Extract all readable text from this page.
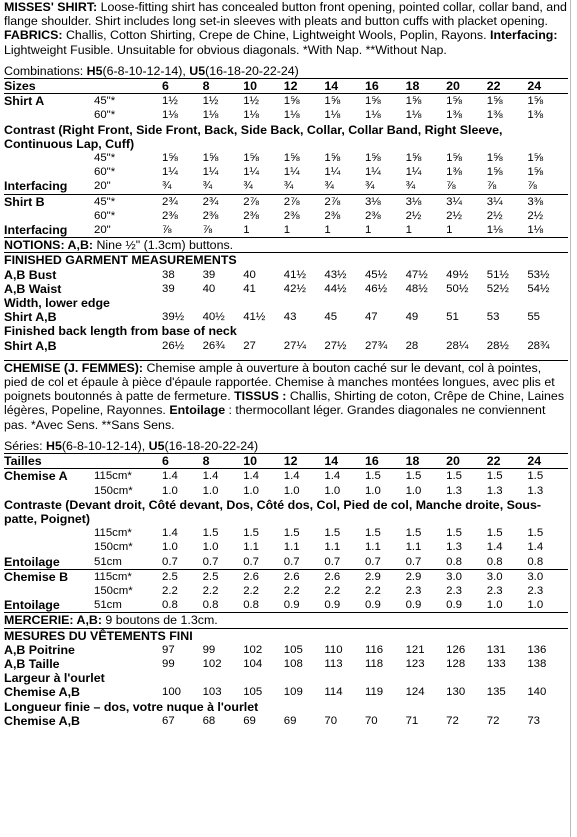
MISSES' SHIRT: Loose-fitting shirt has concealed button front opening, pointed collar, collar band, and flange shoulder. Shirt includes long set-in sleeves with pleats and button cuffs with placket opening. FABRICS: Challis, Cotton Shirting, Crepe de Chine, Lightweight Wools, Poplin, Rayons. Interfacing: Lightweight Fusible. Unsuitable for obvious diagonals. *With Nap. **Without Nap.

Combinations: H5(6-8-10-12-14), U5(16-18-20-22-24)

Sizes		6	8	10	12	14	16	18	20	22	24
Shirt A	45"*	1½	1½	1½	1⅝	1⅝	1⅝	1⅝	1⅝	1⅝	1⅝
	60"*	1⅛	1⅛	1⅛	1⅛	1⅛	1⅛	1⅛	1⅜	1⅜	1⅜
Contrast (Right Front, Side Front, Back, Side Back, Collar, Collar Band, Right Sleeve, Continuous Lap, Cuff)											
	45"*	1⅝	1⅝	1⅝	1⅝	1⅝	1⅝	1⅝	1⅝	1⅝	1⅝
	60"*	1¼	1¼	1¼	1¼	1¼	1¼	1¼	1⅜	1⅝	1⅝
Interfacing	20"	¾	¾	¾	¾	¾	¾	¾	⅞	⅞	⅞
Shirt B	45"*	2¾	2¾	2⅞	2⅞	2⅞	3⅛	3⅛	3¼	3¼	3⅜
	60"*	2⅜	2⅜	2⅜	2⅜	2⅜	2⅜	2½	2½	2½	2½
Interfacing	20"	⅞	⅞	1	1	1	1	1	1	1⅛	1⅛
NOTIONS: A,B: Nine ½" (1.3cm) buttons.											
FINISHED GARMENT MEASUREMENTS											
A,B Bust		38	39	40	41½	43½	45½	47½	49½	51½	53½
A,B Waist		39	40	41	42½	44½	46½	48½	50½	52½	54½
Width, lower edge											
Shirt A,B		39½	40½	41½	43	45	47	49	51	53	55
Finished back length from base of neck											
Shirt A,B		26½	26¾	27	27¼	27½	27¾	28	28¼	28½	28¾

CHEMISE (J. FEMMES): Chemise ample à ouverture à bouton caché sur le devant, col à pointes, pied de col et épaule à pièce d'épaule rapportée. Chemise à manches montées longues, avec plis et poignets boutonnés à patte de fermeture. TISSUS : Challis, Shirting de coton, Crêpe de Chine, Laines légères, Popeline, Rayonnes. Entoilage : thermocollant léger. Grandes diagonales ne conviennent pas. *Avec Sens. **Sans Sens.

Séries: H5(6-8-10-12-14), U5(16-18-20-22-24)

Tailles		6	8	10	12	14	16	18	20	22	24
Chemise A	115cm*	1.4	1.4	1.4	1.4	1.4	1.5	1.5	1.5	1.5	1.5
	150cm*	1.0	1.0	1.0	1.0	1.0	1.0	1.0	1.3	1.3	1.3
Contraste (Devant droit, Côté devant, Dos, Côté dos, Col, Pied de col, Manche droite, Sous-patte, Poignet)											
	115cm*	1.4	1.5	1.5	1.5	1.5	1.5	1.5	1.5	1.5	1.5
	150cm*	1.0	1.0	1.1	1.1	1.1	1.1	1.1	1.3	1.4	1.4
Entoilage	51cm	0.7	0.7	0.7	0.7	0.7	0.7	0.7	0.8	0.8	0.8
Chemise B	115cm*	2.5	2.5	2.6	2.6	2.6	2.9	2.9	3.0	3.0	3.0
	150cm*	2.2	2.2	2.2	2.2	2.2	2.2	2.3	2.3	2.3	2.3
Entoilage	51cm	0.8	0.8	0.8	0.9	0.9	0.9	0.9	0.9	1.0	1.0
MERCERIE: A,B: 9 boutons de 1.3cm.											
MESURES DU VÊTEMENTS FINI											
A,B Poitrine		97	99	102	105	110	116	121	126	131	136
A,B Taille		99	102	104	108	113	118	123	128	133	138
Largeur à l'ourlet											
Chemise A,B		100	103	105	109	114	119	124	130	135	140
Longueur finie – dos, votre nuque à l'ourlet											
Chemise A,B		67	68	69	69	70	70	71	72	72	73
